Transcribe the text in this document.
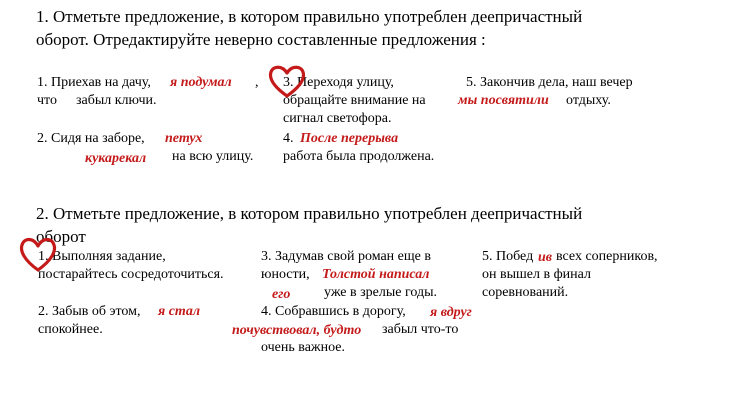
1. Отметьте предложение, в котором правильно употреблен деепричастный
оборот. Отредактируйте неверно составленные предложения :
1. Приехав на дачу, я подумал ,
что забыл ключи.
2. Сидя на заборе, петух
кукарекал на всю улицу.
3. Переходя улицу,
обращайте внимание на
сигнал светофора.
4. После перерыва
работа была продолжена.
5. Закончив дела, наш вечер
мы посвятили отдыху.
2. Отметьте предложение, в котором правильно употреблен деепричастный
оборот
1. Выполняя задание,
постарайтесь сосредоточиться.
2. Забыв об этом, я стал
спокойнее.
3. Задумав свой роман еще в
юности, Толстой написал
его уже в зрелые годы.
4. Собравшись в дорогу, я вдруг
почувствовал, будто забыл что-то
очень важное.
5. Побед ив всех соперников,
он вышел в финал
соревнований.
